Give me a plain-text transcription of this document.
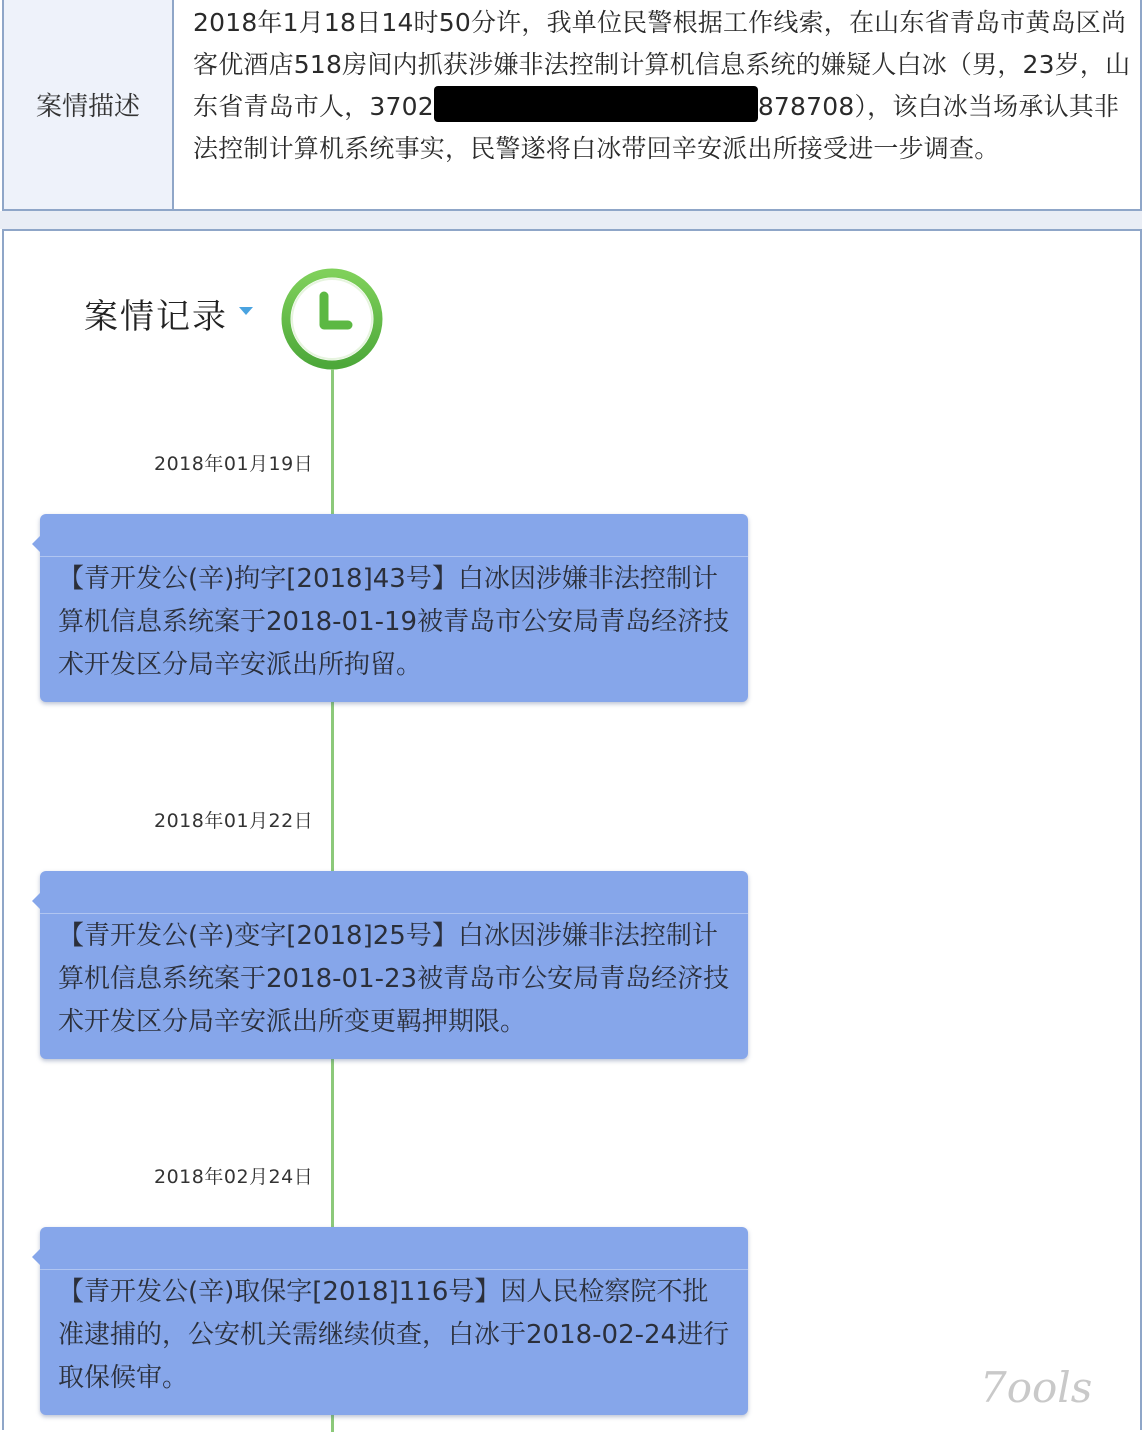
案情描述
2018年1月18日14时50分许，我单位民警根据工作线索，在山东省青岛市黄岛区尚客优酒店518房间内抓获涉嫌非法控制计算机信息系统的嫌疑人白冰（男，23岁，山东省青岛市人，3702	878708），该白冰当场承认其非法控制计算机系统事实，民警遂将白冰带回辛安派出所接受进一步调查。
案情记录
2018年01月19日
【青开发公(辛)拘字[2018]43号】白冰因涉嫌非法控制计算机信息系统案于2018-01-19被青岛市公安局青岛经济技术开发区分局辛安派出所拘留。
2018年01月22日
【青开发公(辛)变字[2018]25号】白冰因涉嫌非法控制计算机信息系统案于2018-01-23被青岛市公安局青岛经济技术开发区分局辛安派出所变更羁押期限。
2018年02月24日
【青开发公(辛)取保字[2018]116号】因人民检察院不批准逮捕的，公安机关需继续侦查，白冰于2018-02-24进行取保候审。	7ools
